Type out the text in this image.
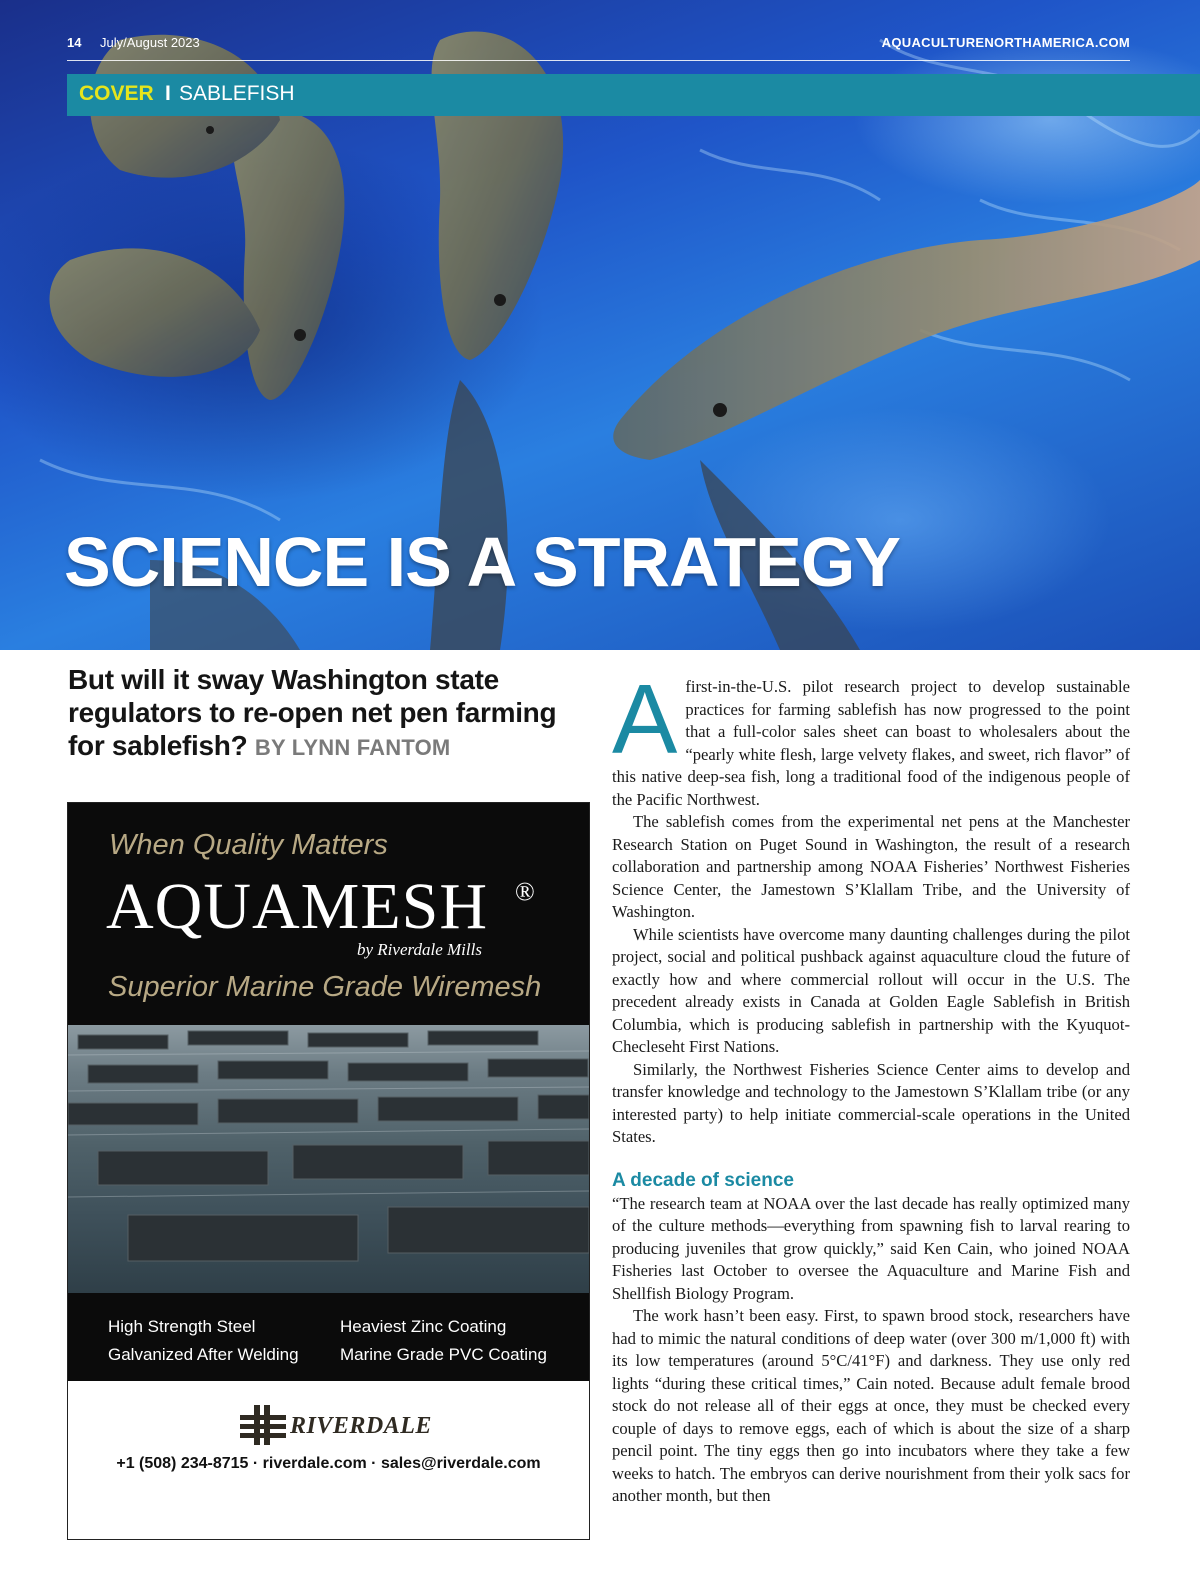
14 July/August 2023	AQUACULTURENORTHAMERICA.COM
COVER I SABLEFISH
SCIENCE IS A STRATEGY
But will it sway Washington state regulators to re-open net pen farming for sablefish? BY LYNN FANTOM
When Quality Matters
AQUAMESH ®
by Riverdale Mills
Superior Marine Grade Wiremesh
High Strength Steel	Heaviest Zinc Coating
Galvanized After Welding Marine Grade PVC Coating
RIVERDALE
+1 (508) 234-8715 · riverdale.com · sales@riverdale.com

Afirst-in-the-U.S. pilot research project to develop sustainable practices for farming sablefish has now progressed to the point that a full-color sales sheet can boast to wholesalers about the “pearly white flesh, large velvety flakes, and sweet, rich flavor” of this native deep-sea fish, long a traditional food of the indigenous people of the Pacific Northwest.

The sablefish comes from the experimental net pens at the Manchester Research Station on Puget Sound in Washington, the result of a research collaboration and partnership among NOAA Fisheries’ Northwest Fisheries Science Center, the Jamestown S’Klallam Tribe, and the University of Washington.

While scientists have overcome many daunting challenges during the pilot project, social and political pushback against aquaculture cloud the future of exactly how and where commercial rollout will occur in the U.S. The precedent already exists in Canada at Golden Eagle Sablefish in British Columbia, which is producing sablefish in partnership with the Kyuquot-Checleseht First Nations.

Similarly, the Northwest Fisheries Science Center aims to develop and transfer knowledge and technology to the Jamestown S’Klallam tribe (or any interested party) to help initiate commercial-scale operations in the United States.

A decade of science

“The research team at NOAA over the last decade has really optimized many of the culture methods—everything from spawning fish to larval rearing to producing juveniles that grow quickly,” said Ken Cain, who joined NOAA Fisheries last October to oversee the Aquaculture and Marine Fish and Shellfish Biology Program.

The work hasn’t been easy. First, to spawn brood stock, researchers have had to mimic the natural conditions of deep water (over 300 m/1,000 ft) with its low temperatures (around 5°C/41°F) and darkness. They use only red lights “during these critical times,” Cain noted. Because adult female brood stock do not release all of their eggs at once, they must be checked every couple of days to remove eggs, each of which is about the size of a sharp pencil point. The tiny eggs then go into incubators where they take a few weeks to hatch. The embryos can derive nourishment from their yolk sacs for another month, but then
